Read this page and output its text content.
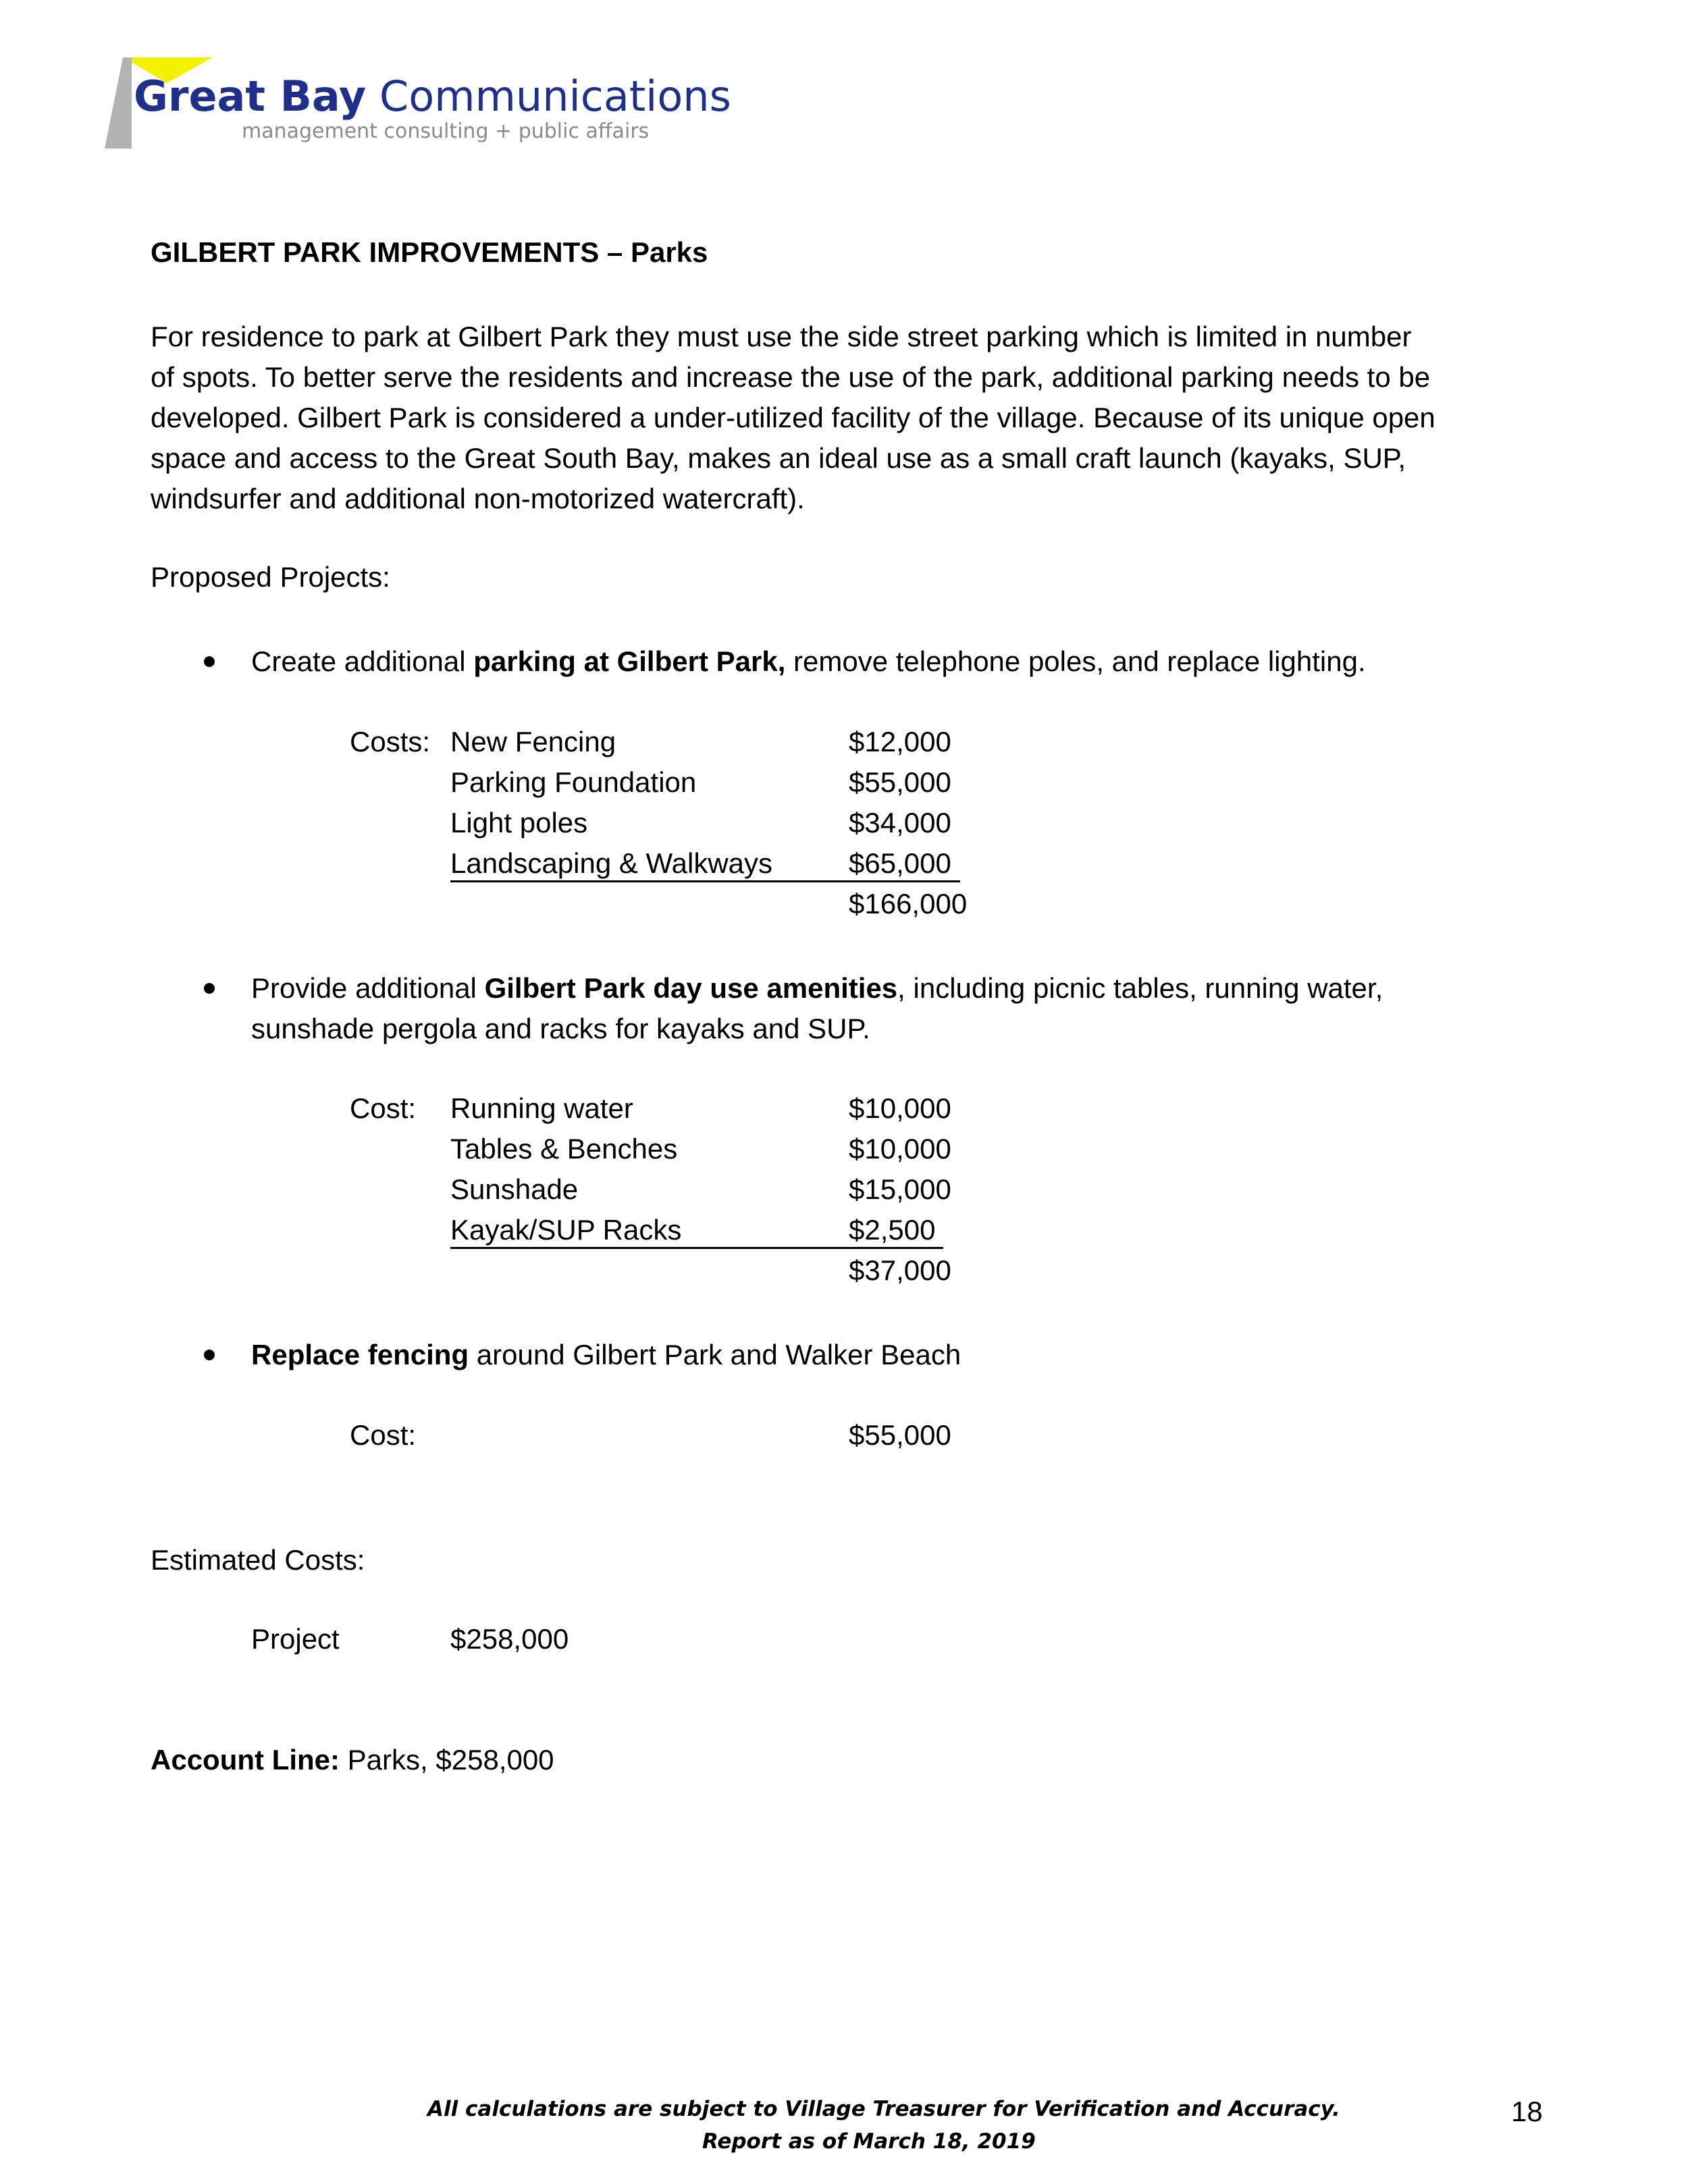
Great Bay Communications
management consulting + public affairs
GILBERT PARK IMPROVEMENTS – Parks
For residence to park at Gilbert Park they must use the side street parking which is limited in number
of spots. To better serve the residents and increase the use of the park, additional parking needs to be
developed. Gilbert Park is considered a under-utilized facility of the village. Because of its unique open
space and access to the Great South Bay, makes an ideal use as a small craft launch (kayaks, SUP,
windsurfer and additional non-motorized watercraft).
Proposed Projects:
Create additional parking at Gilbert Park, remove telephone poles, and replace lighting.
Costs: New Fencing	$12,000
Parking Foundation	$55,000
Light poles	$34,000
Landscaping & Walkways	$65,000
$166,000
Provide additional Gilbert Park day use amenities, including picnic tables, running water,
sunshade pergola and racks for kayaks and SUP.
Cost: Running water	$10,000
Tables & Benches	$10,000
Sunshade	$15,000
Kayak/SUP Racks	$2,500
$37,000
Replace fencing around Gilbert Park and Walker Beach
Cost:	$55,000
Estimated Costs:
Project	$258,000
Account Line: Parks, $258,000
All calculations are subject to Village Treasurer for Verification and Accuracy.
Report as of March 18, 2019
18
